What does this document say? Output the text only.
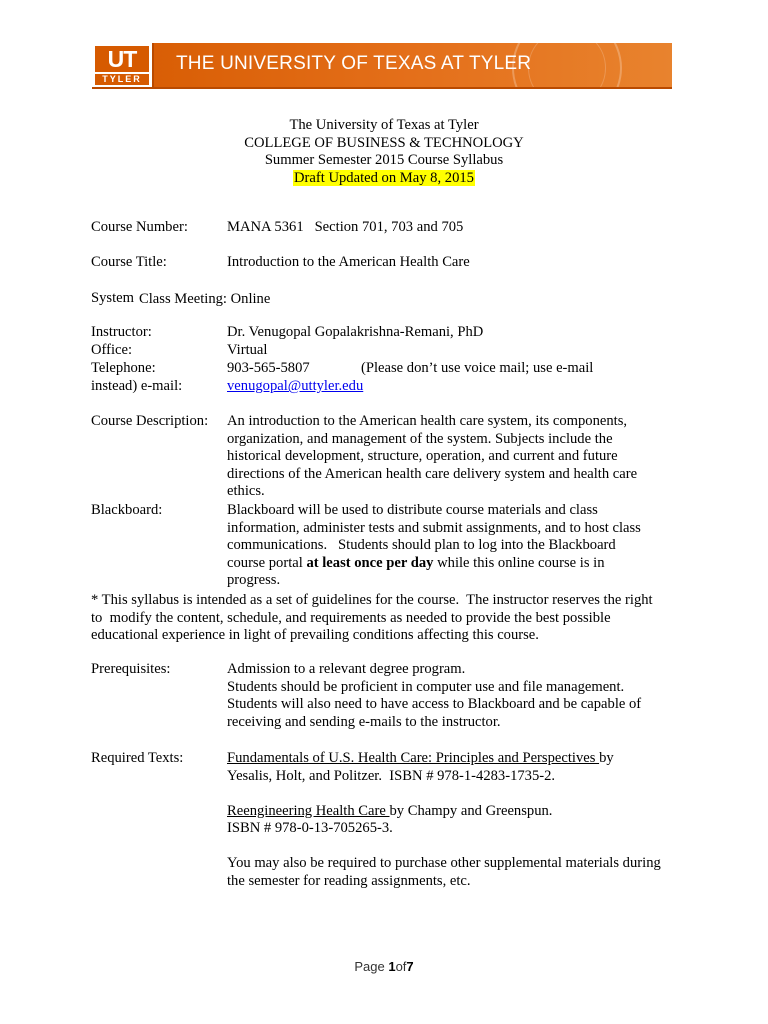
UT
TYLER
THE UNIVERSITY OF TEXAS AT TYLER
The University of Texas at Tyler
COLLEGE OF BUSINESS & TECHNOLOGY
Summer Semester 2015 Course Syllabus
Draft Updated on May 8, 2015
Course Number:	MANA 5361   Section 701, 703 and 705
Course Title:	Introduction to the American Health Care
System Class Meeting: Online
Instructor:	Dr. Venugopal Gopalakrishna-Remani, PhD
Office:	Virtual
Telephone:	903-565-5807	(Please don’t use voice mail; use e-mail
instead) e-mail:	venugopal@uttyler.edu
Course Description: An introduction to the American health care system, its components,
organization, and management of the system. Subjects include the
historical development, structure, operation, and current and future
directions of the American health care delivery system and health care
ethics.
Blackboard:	Blackboard will be used to distribute course materials and class
information, administer tests and submit assignments, and to host class
communications.   Students should plan to log into the Blackboard
course portal at least once per day while this online course is in
progress.
* This syllabus is intended as a set of guidelines for the course.  The instructor reserves the right
to  modify the content, schedule, and requirements as needed to provide the best possible
educational experience in light of prevailing conditions affecting this course.
Prerequisites:	Admission to a relevant degree program.
Students should be proficient in computer use and file management.
Students will also need to have access to Blackboard and be capable of
receiving and sending e-mails to the instructor.
Required Texts:	Fundamentals of U.S. Health Care: Principles and Perspectives by
Yesalis, Holt, and Politzer.  ISBN # 978-1-4283-1735-2.
Reengineering Health Care by Champy and Greenspun.
ISBN # 978-0-13-705265-3.
You may also be required to purchase other supplemental materials during
the semester for reading assignments, etc.
Page 1of7
